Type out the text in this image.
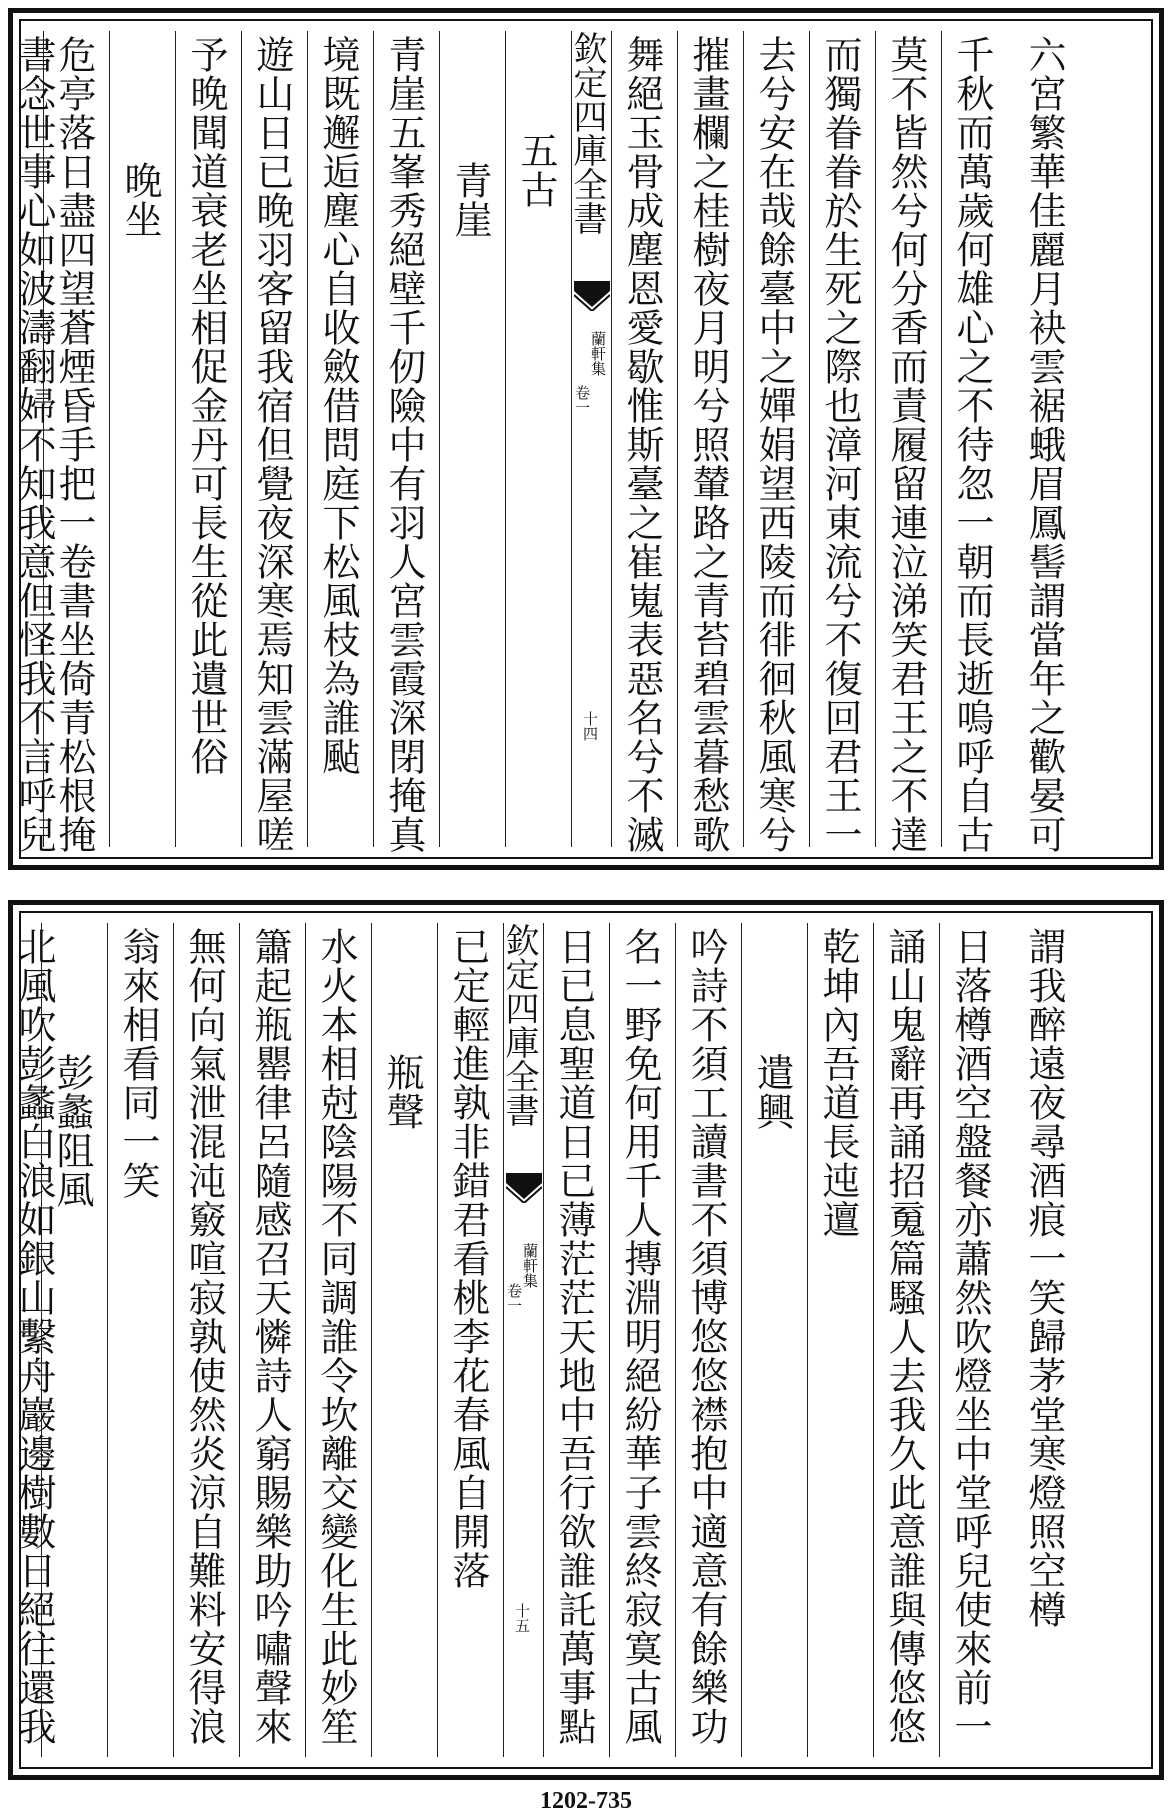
六宮繁華佳麗月袂雲裾蛾眉鳳髻謂當年之歡晏可
千秋而萬歲何雄心之不待忽一朝而長逝嗚呼自古
莫不皆然兮何分香而責履留連泣涕笑君王之不達
而獨眷眷於生死之際也漳河東流兮不復回君王一
去兮安在哉餘臺中之嬋娟望西陵而徘徊秋風寒兮
摧畫欄之桂樹夜月明兮照輦路之青苔碧雲暮愁歌
舞絕玉骨成塵恩愛歇惟斯臺之崔嵬表惡名兮不滅
欽定四庫全書
蘭軒集
卷一
十四
五古
青崖
青崖五峯秀絕壁千仞險中有羽人宮雲霞深閉掩真
境既邂逅塵心自收斂借問庭下松風枝為誰颭
遊山日已晚羽客留我宿但覺夜深寒焉知雲滿屋嗟
予晚聞道衰老坐相促金丹可長生從此遺世俗
晚坐
危亭落日盡四望蒼煙昏手把一卷書坐倚青松根掩
書念世事心如波濤翻婦不知我意但怪我不言呼兒
謂我醉遠夜尋酒痕一笑歸茅堂寒燈照空樽
日落樽酒空盤餐亦蕭然吹燈坐中堂呼兒使來前一
誦山鬼辭再誦招䰟篇騷人去我久此意誰與傳悠悠
乾坤內吾道長迍邅
遣興
吟詩不須工讀書不須博悠悠襟抱中適意有餘樂功
名一野免何用千人摶淵明絕紛華子雲終寂寞古風
日已息聖道日已薄茫茫天地中吾行欲誰託萬事點
欽定四庫全書
蘭軒集
卷一
十五
已定輕進孰非錯君看桃李花春風自開落
瓶聲
水火本相尅陰陽不同調誰令坎離交變化生此妙笙
簫起瓶罌律呂隨感召天憐詩人窮賜樂助吟嘯聲來
無何向氣泄混沌竅喧寂孰使然炎涼自難料安得浪
翁來相看同一笑
彭蠡阻風
北風吹彭蠡白浪如銀山繫舟巖邊樹數日絕往還我
1202-735
